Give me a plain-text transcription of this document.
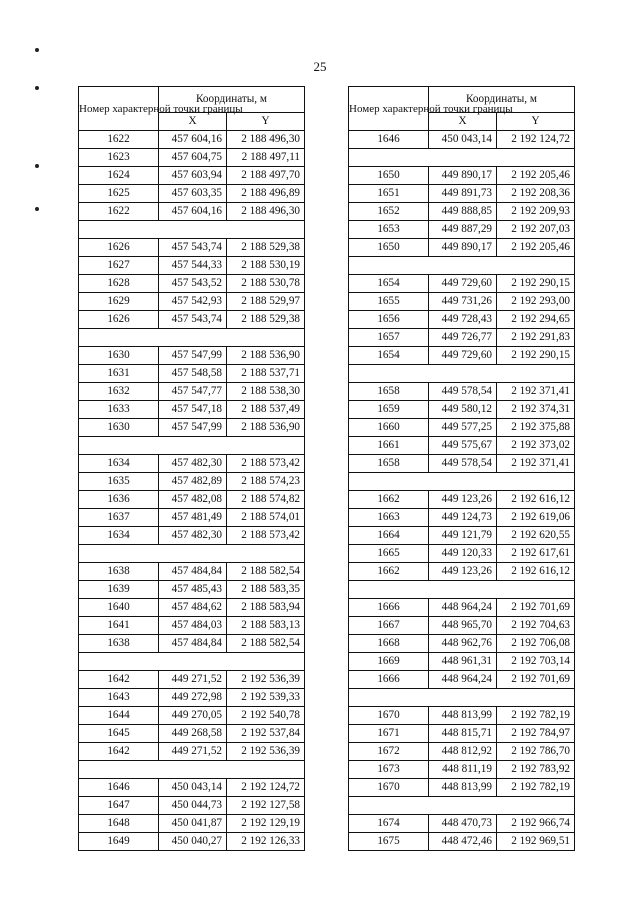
25
Номер характерной точки границы	Координаты, м	
	X	Y
1622	457 604,16	2 188 496,30
1623	457 604,75	2 188 497,11
1624	457 603,94	2 188 497,70
1625	457 603,35	2 188 496,89
1622	457 604,16	2 188 496,30

1626	457 543,74	2 188 529,38
1627	457 544,33	2 188 530,19
1628	457 543,52	2 188 530,78
1629	457 542,93	2 188 529,97
1626	457 543,74	2 188 529,38

1630	457 547,99	2 188 536,90
1631	457 548,58	2 188 537,71
1632	457 547,77	2 188 538,30
1633	457 547,18	2 188 537,49
1630	457 547,99	2 188 536,90

1634	457 482,30	2 188 573,42
1635	457 482,89	2 188 574,23
1636	457 482,08	2 188 574,82
1637	457 481,49	2 188 574,01
1634	457 482,30	2 188 573,42

1638	457 484,84	2 188 582,54
1639	457 485,43	2 188 583,35
1640	457 484,62	2 188 583,94
1641	457 484,03	2 188 583,13
1638	457 484,84	2 188 582,54

1642	449 271,52	2 192 536,39
1643	449 272,98	2 192 539,33
1644	449 270,05	2 192 540,78
1645	449 268,58	2 192 537,84
1642	449 271,52	2 192 536,39

1646	450 043,14	2 192 124,72
1647	450 044,73	2 192 127,58
1648	450 041,87	2 192 129,19
1649	450 040,27	2 192 126,33
Номер характерной точки границы	Координаты, м	
	X	Y
1646	450 043,14	2 192 124,72

1650	449 890,17	2 192 205,46
1651	449 891,73	2 192 208,36
1652	449 888,85	2 192 209,93
1653	449 887,29	2 192 207,03
1650	449 890,17	2 192 205,46

1654	449 729,60	2 192 290,15
1655	449 731,26	2 192 293,00
1656	449 728,43	2 192 294,65
1657	449 726,77	2 192 291,83
1654	449 729,60	2 192 290,15

1658	449 578,54	2 192 371,41
1659	449 580,12	2 192 374,31
1660	449 577,25	2 192 375,88
1661	449 575,67	2 192 373,02
1658	449 578,54	2 192 371,41

1662	449 123,26	2 192 616,12
1663	449 124,73	2 192 619,06
1664	449 121,79	2 192 620,55
1665	449 120,33	2 192 617,61
1662	449 123,26	2 192 616,12

1666	448 964,24	2 192 701,69
1667	448 965,70	2 192 704,63
1668	448 962,76	2 192 706,08
1669	448 961,31	2 192 703,14
1666	448 964,24	2 192 701,69

1670	448 813,99	2 192 782,19
1671	448 815,71	2 192 784,97
1672	448 812,92	2 192 786,70
1673	448 811,19	2 192 783,92
1670	448 813,99	2 192 782,19

1674	448 470,73	2 192 966,74
1675	448 472,46	2 192 969,51
